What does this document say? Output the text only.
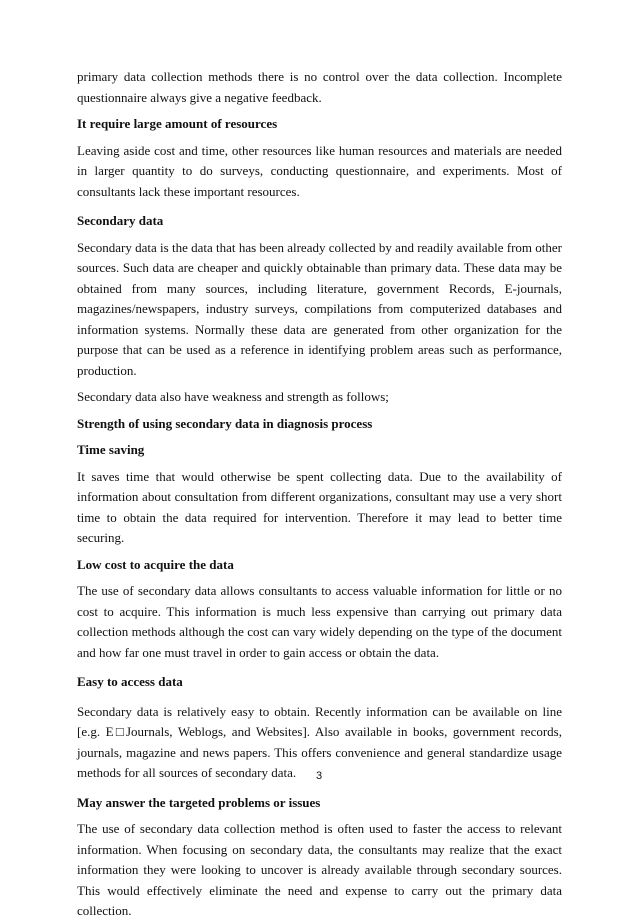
primary data collection methods there is no control over the data collection. Incomplete questionnaire always give a negative feedback.

It require large amount of resources

Leaving aside cost and time, other resources like human resources and materials are needed in larger quantity to do surveys, conducting questionnaire, and experiments. Most of consultants lack these important resources.

Secondary data

Secondary data is the data that has been already collected by and readily available from other sources. Such data are cheaper and quickly obtainable than primary data. These data may be obtained from many sources, including literature, government Records, E-journals, magazines/newspapers, industry surveys, compilations from computerized databases and information systems. Normally these data are generated from other organization for the purpose that can be used as a reference in identifying problem areas such as performance, production.

Secondary data also have weakness and strength as follows;

Strength of using secondary data in diagnosis process
Time saving

It saves time that would otherwise be spent collecting data. Due to the availability of information about consultation from different organizations, consultant may use a very short time to obtain the data required for intervention. Therefore it may lead to better time securing.

Low cost to acquire the data

The use of secondary data allows consultants to access valuable information for little or no cost to acquire. This information is much less expensive than carrying out primary data collection methods although the cost can vary widely depending on the type of the document and how far one must travel in order to gain access or obtain the data.

Easy to access data

Secondary data is relatively easy to obtain. Recently information can be available on line [e.g. E□Journals, Weblogs, and Websites]. Also available in books, government records, journals, magazine and news papers. This offers convenience and general standardize usage methods for all sources of secondary data.

May answer the targeted problems or issues

The use of secondary data collection method is often used to faster the access to relevant information. When focusing on secondary data, the consultants may realize that the exact information they were looking to uncover is already available through secondary sources. This would effectively eliminate the need and expense to carry out the primary data collection.

3
